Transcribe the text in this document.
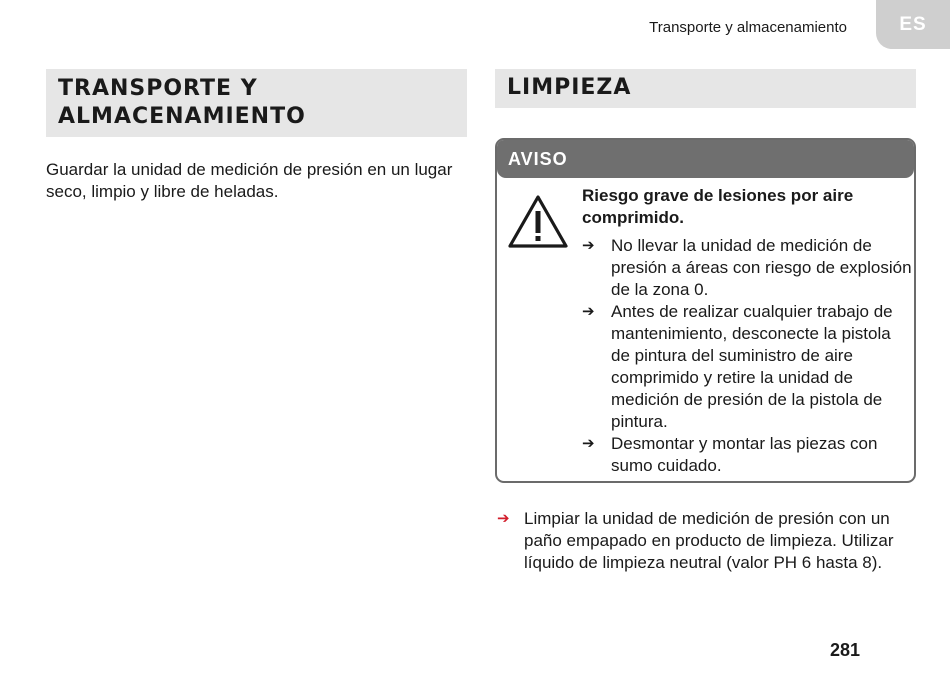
Transporte y almacenamiento	ES
TRANSPORTE Y ALMACENAMIENTO
Guardar la unidad de medición de presión en un lugar seco, limpio y libre de heladas.
LIMPIEZA
AVISO
Riesgo grave de lesiones por aire comprimido.
➔ No llevar la unidad de medición de presión a áreas con riesgo de explosión de la zona 0.
➔ Antes de realizar cualquier trabajo de mantenimiento, desconecte la pistola de pintura del suministro de aire comprimido y retire la unidad de medición de presión de la pistola de pintura.
➔ Desmontar y montar las piezas con sumo cuidado.
➔ Limpiar la unidad de medición de presión con un paño empapado en producto de limpieza. Utilizar líquido de limpieza neutral (valor PH 6 hasta 8).
281
